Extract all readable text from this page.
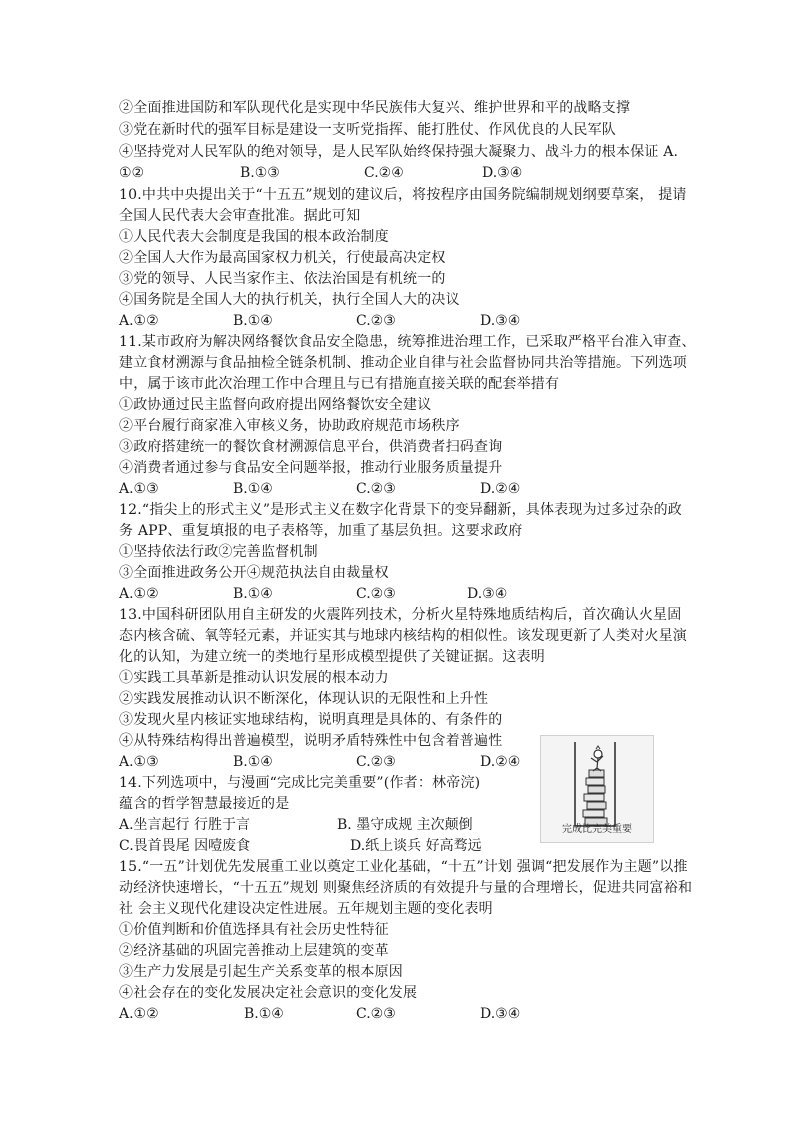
②全面推进国防和军队现代化是实现中华民族伟大复兴、维护世界和平的战略支撑
③党在新时代的强军目标是建设一支听党指挥、能打胜仗、作风优良的人民军队
④坚持党对人民军队的绝对领导，是人民军队始终保持强大凝聚力、战斗力的根本保证 A.
①②	B.①③	C.②④	D.③④
10.中共中央提出关于“十五五”规划的建议后，将按程序由国务院编制规划纲要草案， 提请
全国人民代表大会审查批准。据此可知
①人民代表大会制度是我国的根本政治制度
②全国人大作为最高国家权力机关，行使最高决定权
③党的领导、人民当家作主、依法治国是有机统一的
④国务院是全国人大的执行机关，执行全国人大的决议
A.①②	B.①④	C.②③	D.③④
11.某市政府为解决网络餐饮食品安全隐患，统筹推进治理工作，已采取严格平台准入审查、
建立食材溯源与食品抽检全链条机制、推动企业自律与社会监督协同共治等措施。下列选项
中，属于该市此次治理工作中合理且与已有措施直接关联的配套举措有
①政协通过民主监督向政府提出网络餐饮安全建议
②平台履行商家准入审核义务，协助政府规范市场秩序
③政府搭建统一的餐饮食材溯源信息平台，供消费者扫码查询
④消费者通过参与食品安全问题举报，推动行业服务质量提升
A.①③	B.①④	C.②③	D.②④
12.“指尖上的形式主义”是形式主义在数字化背景下的变异翻新，具体表现为过多过杂的政
务 APP、重复填报的电子表格等，加重了基层负担。这要求政府
①坚持依法行政②完善监督机制
③全面推进政务公开④规范执法自由裁量权
A.①②	B.①④	C.②③	D.③④
13.中国科研团队用自主研发的火震阵列技术，分析火星特殊地质结构后，首次确认火星固
态内核含硫、氧等轻元素，并证实其与地球内核结构的相似性。该发现更新了人类对火星演
化的认知，为建立统一的类地行星形成模型提供了关键证据。这表明
①实践工具革新是推动认识发展的根本动力
②实践发展推动认识不断深化，体现认识的无限性和上升性
③发现火星内核证实地球结构，说明真理是具体的、有条件的
④从特殊结构得出普遍模型，说明矛盾特殊性中包含着普遍性
A.①③	B.①④	C.②③	D.②④
14.下列选项中，与漫画“完成比完美重要”(作者：林帝浣)
蕴含的哲学智慧最接近的是
A.坐言起行 行胜于言	B. 墨守成规 主次颠倒
C.畏首畏尾 因噎废食	D.纸上谈兵 好高骛远
完成比完美重要
15.“一五”计划优先发展重工业以奠定工业化基础，“十五”计划 强调“把发展作为主题”以推
动经济快速增长，“十五五”规划 则聚焦经济质的有效提升与量的合理增长，促进共同富裕和
社 会主义现代化建设决定性进展。五年规划主题的变化表明
①价值判断和价值选择具有社会历史性特征
②经济基础的巩固完善推动上层建筑的变革
③生产力发展是引起生产关系变革的根本原因
④社会存在的变化发展决定社会意识的变化发展
A.①②	B.①④	C.②③	D.③④
